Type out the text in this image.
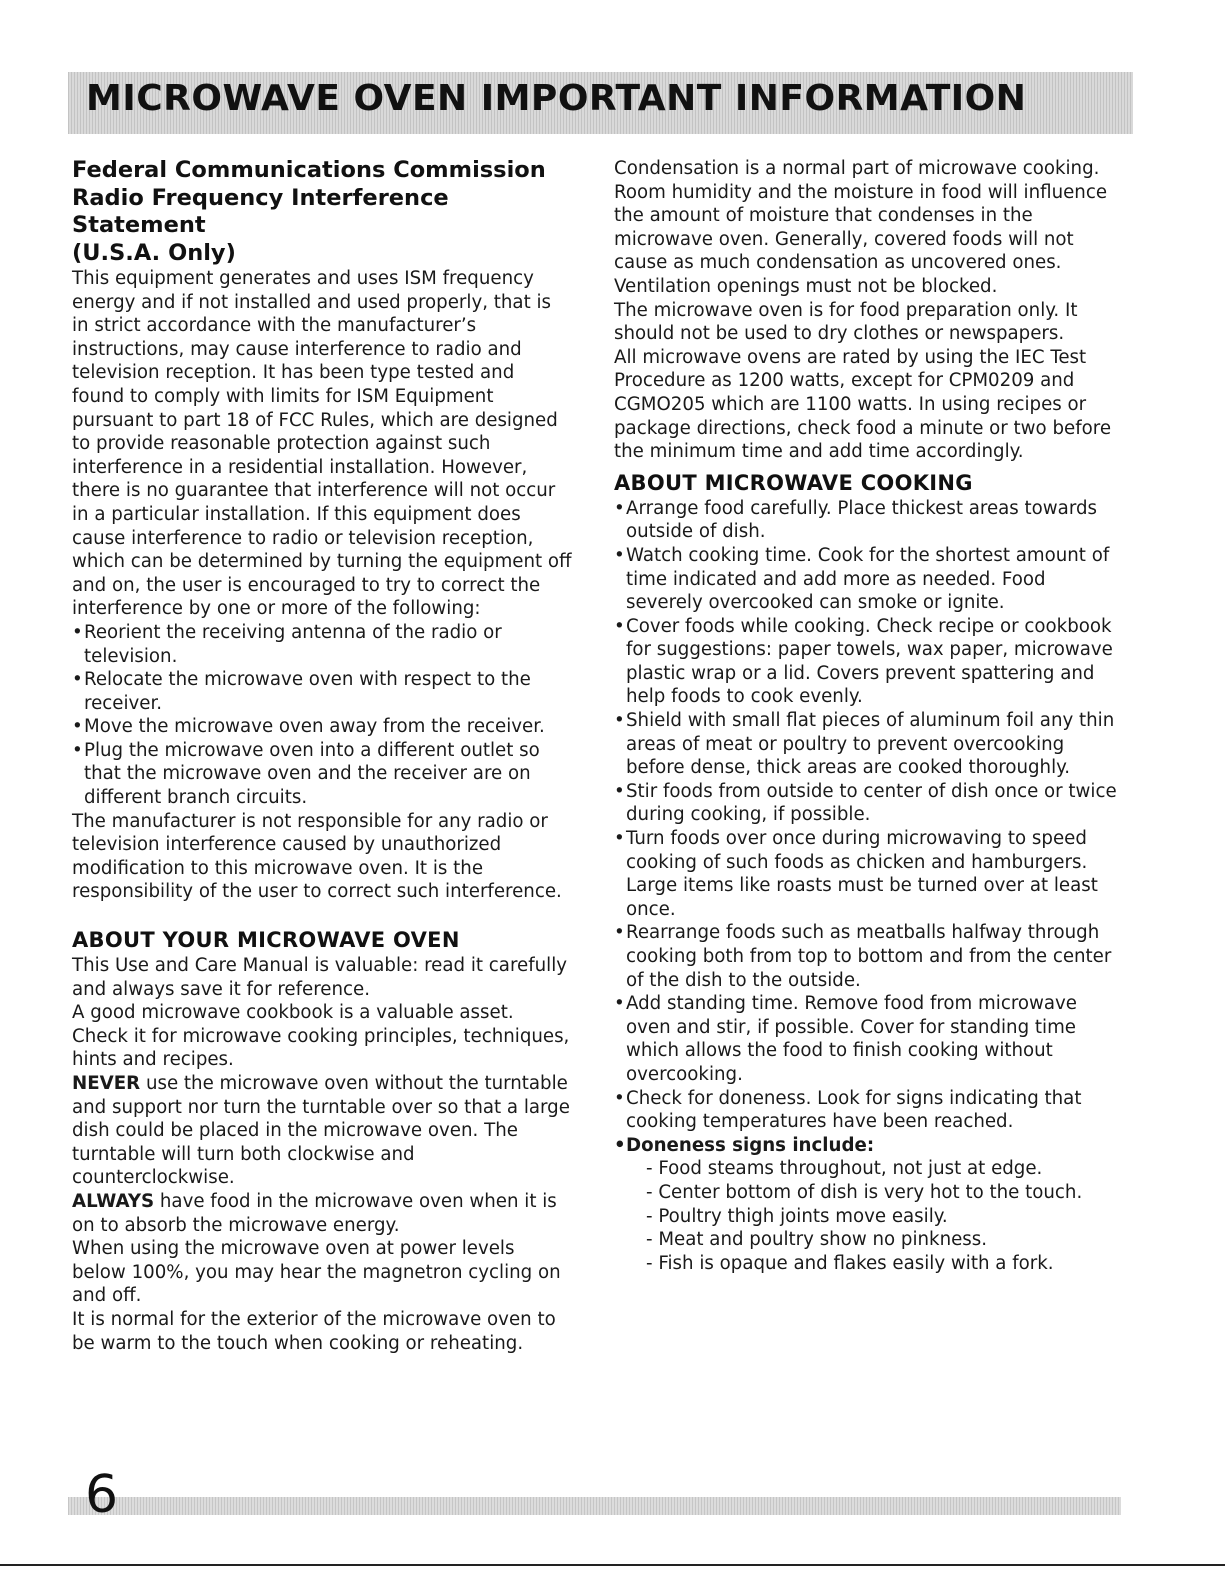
MICROWAVE OVEN IMPORTANT INFORMATION
Federal Communications Commission
Radio Frequency Interference Statement
(U.S.A. Only)

This equipment generates and uses ISM frequency energy and if not installed and used properly, that is in strict accordance with the manufacturer’s instructions, may cause interference to radio and television reception. It has been type tested and found to comply with limits for ISM Equipment pursuant to part 18 of FCC Rules, which are designed to provide reasonable protection against such interference in a residential installation. However, there is no guarantee that interference will not occur in a particular installation. If this equipment does cause interference to radio or television reception, which can be determined by turning the equipment off and on, the user is encouraged to try to correct the interference by one or more of the following:

• Reorient the receiving antenna of the radio or television.
• Relocate the microwave oven with respect to the receiver.
• Move the microwave oven away from the receiver.
• Plug the microwave oven into a different outlet so that the microwave oven and the receiver are on different branch circuits.

The manufacturer is not responsible for any radio or television interference caused by unauthorized modification to this microwave oven. It is the responsibility of the user to correct such interference.

ABOUT YOUR MICROWAVE OVEN

This Use and Care Manual is valuable: read it carefully and always save it for reference.

A good microwave cookbook is a valuable asset. Check it for microwave cooking principles, techniques, hints and recipes.

NEVER use the microwave oven without the turntable and support nor turn the turntable over so that a large dish could be placed in the microwave oven. The turntable will turn both clockwise and counterclockwise.

ALWAYS have food in the microwave oven when it is on to absorb the microwave energy.

When using the microwave oven at power levels below 100%, you may hear the magnetron cycling on and off.

It is normal for the exterior of the microwave oven to be warm to the touch when cooking or reheating.

Condensation is a normal part of microwave cooking. Room humidity and the moisture in food will influence the amount of moisture that condenses in the microwave oven. Generally, covered foods will not cause as much condensation as uncovered ones. Ventilation openings must not be blocked.

The microwave oven is for food preparation only. It should not be used to dry clothes or newspapers.

All microwave ovens are rated by using the IEC Test Procedure as 1200 watts, except for CPM0209 and CGMO205 which are 1100 watts. In using recipes or package directions, check food a minute or two before the minimum time and add time accordingly.

ABOUT MICROWAVE COOKING
• Arrange food carefully. Place thickest areas towards outside of dish.
• Watch cooking time. Cook for the shortest amount of time indicated and add more as needed. Food severely overcooked can smoke or ignite.
• Cover foods while cooking. Check recipe or cookbook for suggestions: paper towels, wax paper, microwave plastic wrap or a lid. Covers prevent spattering and help foods to cook evenly.
• Shield with small flat pieces of aluminum foil any thin areas of meat or poultry to prevent overcooking before dense, thick areas are cooked thoroughly.
• Stir foods from outside to center of dish once or twice during cooking, if possible.
• Turn foods over once during microwaving to speed cooking of such foods as chicken and hamburgers. Large items like roasts must be turned over at least once.
• Rearrange foods such as meatballs halfway through cooking both from top to bottom and from the center of the dish to the outside.
• Add standing time. Remove food from microwave oven and stir, if possible. Cover for standing time which allows the food to finish cooking without overcooking.
• Check for doneness. Look for signs indicating that cooking temperatures have been reached.
• Doneness signs include:
- Food steams throughout, not just at edge.
- Center bottom of dish is very hot to the touch.
- Poultry thigh joints move easily.
- Meat and poultry show no pinkness.
- Fish is opaque and flakes easily with a fork.
6
